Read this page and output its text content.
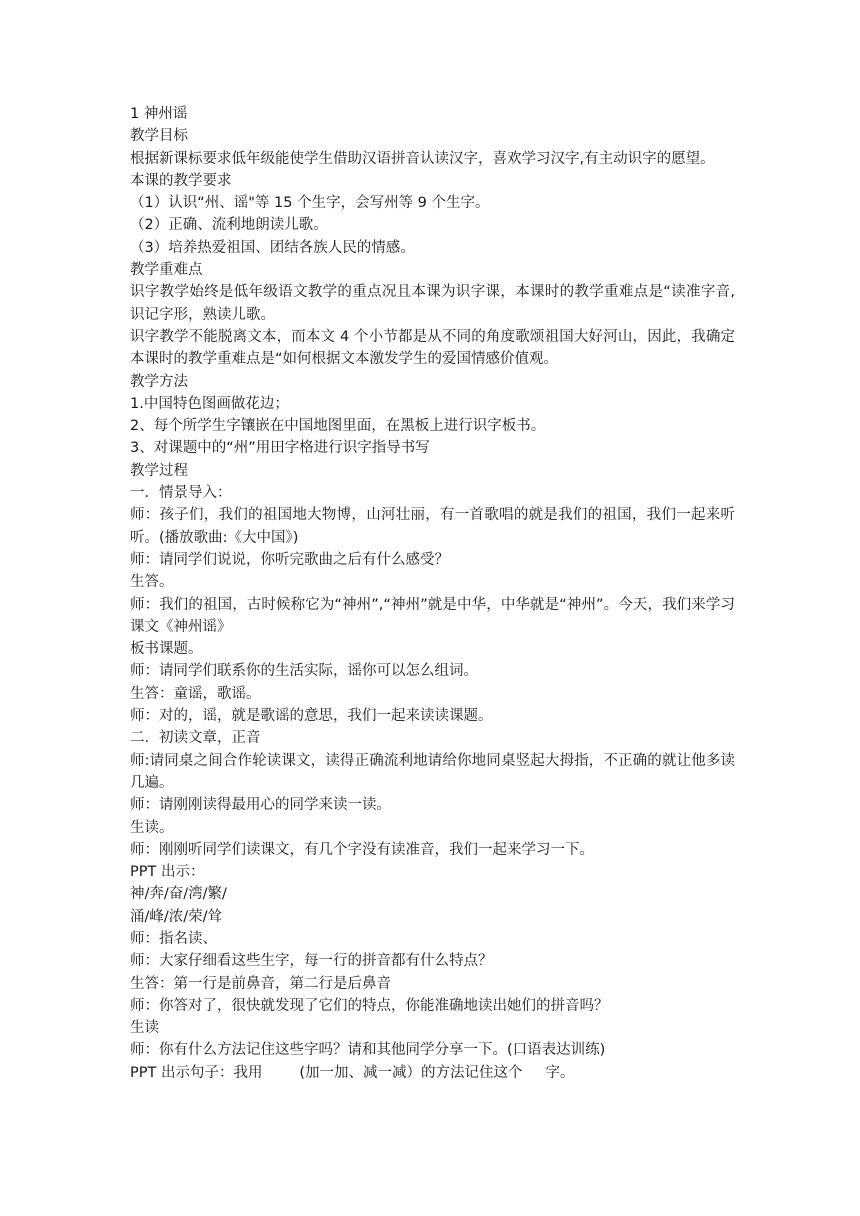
1 神州谣

教学目标

根据新课标要求低年级能使学生借助汉语拼音认读汉字，喜欢学习汉字,有主动识字的愿望。

本课的教学要求

（1）认识“州、谣"等 15 个生字，会写州等 9 个生字。

（2）正确、流利地朗读儿歌。

（3）培养热爱祖国、团结各族人民的情感。

教学重难点

识字教学始终是低年级语文教学的重点况且本课为识字课，本课时的教学重难点是“读准字音,识记字形，熟读儿歌。

识字教学不能脱离文本，而本文 4 个小节都是从不同的角度歌颂祖国大好河山，因此，我确定本课时的教学重难点是“如何根据文本激发学生的爱国情感价值观。

教学方法

1.中国特色图画做花边；

2、每个所学生字镶嵌在中国地图里面，在黑板上进行识字板书。

3、对课题中的“州”用田字格进行识字指导书写

教学过程

一．情景导入：

师：孩子们，我们的祖国地大物博，山河壮丽，有一首歌唱的就是我们的祖国，我们一起来听听。(播放歌曲:《大中国》)

师：请同学们说说，你听完歌曲之后有什么感受？

生答。

师：我们的祖国，古时候称它为“神州”,“神州”就是中华，中华就是“神州”。今天，我们来学习课文《神州谣》

板书课题。

师：请同学们联系你的生活实际，谣你可以怎么组词。

生答：童谣，歌谣。

师：对的，谣，就是歌谣的意思，我们一起来读读课题。

二．初读文章，正音

师:请同桌之间合作轮读课文，读得正确流利地请给你地同桌竖起大拇指，不正确的就让他多读几遍。

师：请刚刚读得最用心的同学来读一读。

生读。

师：刚刚听同学们读课文，有几个字没有读准音，我们一起来学习一下。

PPT 出示：

神/奔/奋/湾/繁/

涌/峰/浓/荣/耸

师：指名读、

师：大家仔细看这些生字，每一行的拼音都有什么特点？

生答：第一行是前鼻音，第二行是后鼻音

师：你答对了，很快就发现了它们的特点，你能准确地读出她们的拼音吗？

生读

师：你有什么方法记住这些字吗？请和其他同学分享一下。(口语表达训练)

PPT 出示句子：我用        (加一加、减一减）的方法记住这个     字。
